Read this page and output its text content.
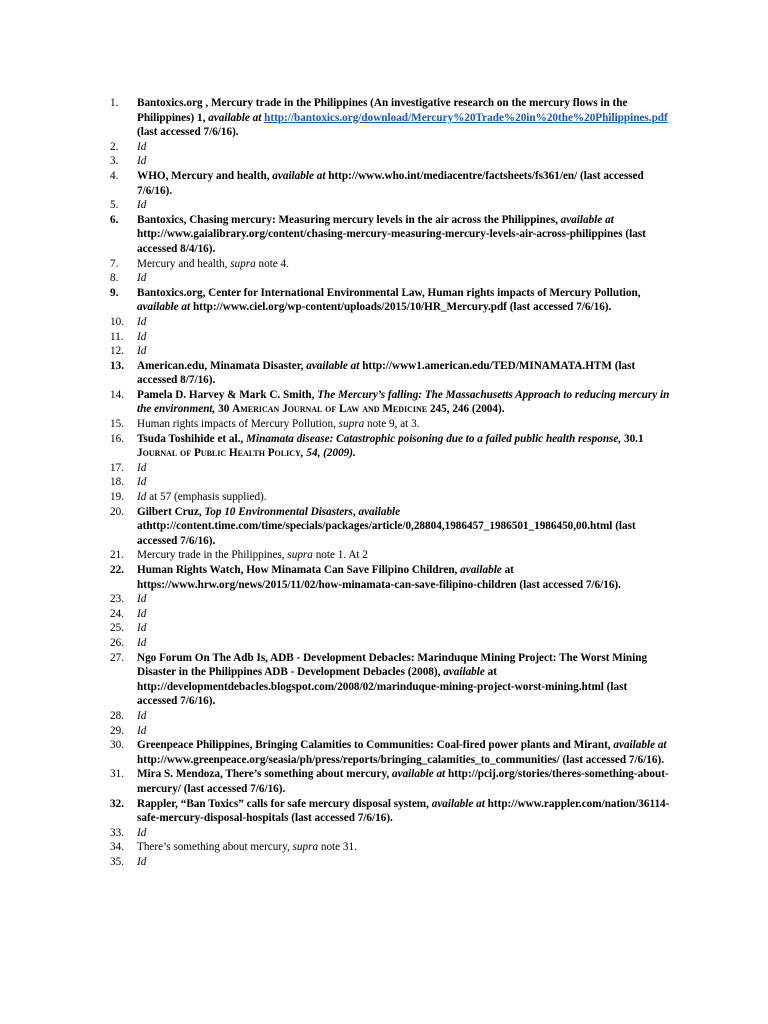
1.	Bantoxics.org , Mercury trade in the Philippines (An investigative research on the mercury flows in the Philippines) 1, available at http://bantoxics.org/download/Mercury%20Trade%20in%20the%20Philippines.pdf (last accessed 7/6/16).
2.	Id
3.	Id
4.	WHO, Mercury and health, available at http://www.who.int/mediacentre/factsheets/fs361/en/ (last accessed 7/6/16).
5.	Id
6.	Bantoxics, Chasing mercury: Measuring mercury levels in the air across the Philippines, available at http://www.gaialibrary.org/content/chasing-mercury-measuring-mercury-levels-air-across-philippines (last accessed 8/4/16).
7.	Mercury and health, supra note 4.
8.	Id
9.	Bantoxics.org, Center for International Environmental Law, Human rights impacts of Mercury Pollution, available at http://www.ciel.org/wp-content/uploads/2015/10/HR_Mercury.pdf (last accessed 7/6/16).
10.	Id
11.	Id
12.	Id
13.	American.edu, Minamata Disaster, available at http://www1.american.edu/TED/MINAMATA.HTM (last accessed 8/7/16).
14.	Pamela D. Harvey & Mark C. Smith, The Mercury’s falling: The Massachusetts Approach to reducing mercury in the environment, 30 American Journal of Law and Medicine 245, 246 (2004).
15.	Human rights impacts of Mercury Pollution, supra note 9, at 3.
16.	Tsuda Toshihide et al., Minamata disease: Catastrophic poisoning due to a failed public health response, 30.1 Journal of Public Health Policy, 54, (2009).
17.	Id
18.	Id
19.	Id at 57 (emphasis supplied).
20.	Gilbert Cruz, Top 10 Environmental Disasters, available athttp://content.time.com/time/specials/packages/article/0,28804,1986457_1986501_1986450,00.html (last accessed 7/6/16).
21.	Mercury trade in the Philippines, supra note 1. At 2
22.	Human Rights Watch, How Minamata Can Save Filipino Children, available at https://www.hrw.org/news/2015/11/02/how-minamata-can-save-filipino-children (last accessed 7/6/16).
23.	Id
24.	Id
25.	Id
26.	Id
27.	Ngo Forum On The Adb Is, ADB - Development Debacles: Marinduque Mining Project: The Worst Mining Disaster in the Philippines ADB - Development Debacles (2008), available at http://developmentdebacles.blogspot.com/2008/02/marinduque-mining-project-worst-mining.html (last accessed 7/6/16).
28.	Id
29.	Id
30.	Greenpeace Philippines, Bringing Calamities to Communities: Coal-fired power plants and Mirant, available at http://www.greenpeace.org/seasia/ph/press/reports/bringing_calamities_to_communities/ (last accessed 7/6/16).
31.	Mira S. Mendoza, There’s something about mercury, available at http://pcij.org/stories/theres-something-about-mercury/ (last accessed 7/6/16).
32.	Rappler, “Ban Toxics” calls for safe mercury disposal system, available at http://www.rappler.com/nation/36114-safe-mercury-disposal-hospitals (last accessed 7/6/16).
33.	Id
34.	There’s something about mercury, supra note 31.
35.	Id
